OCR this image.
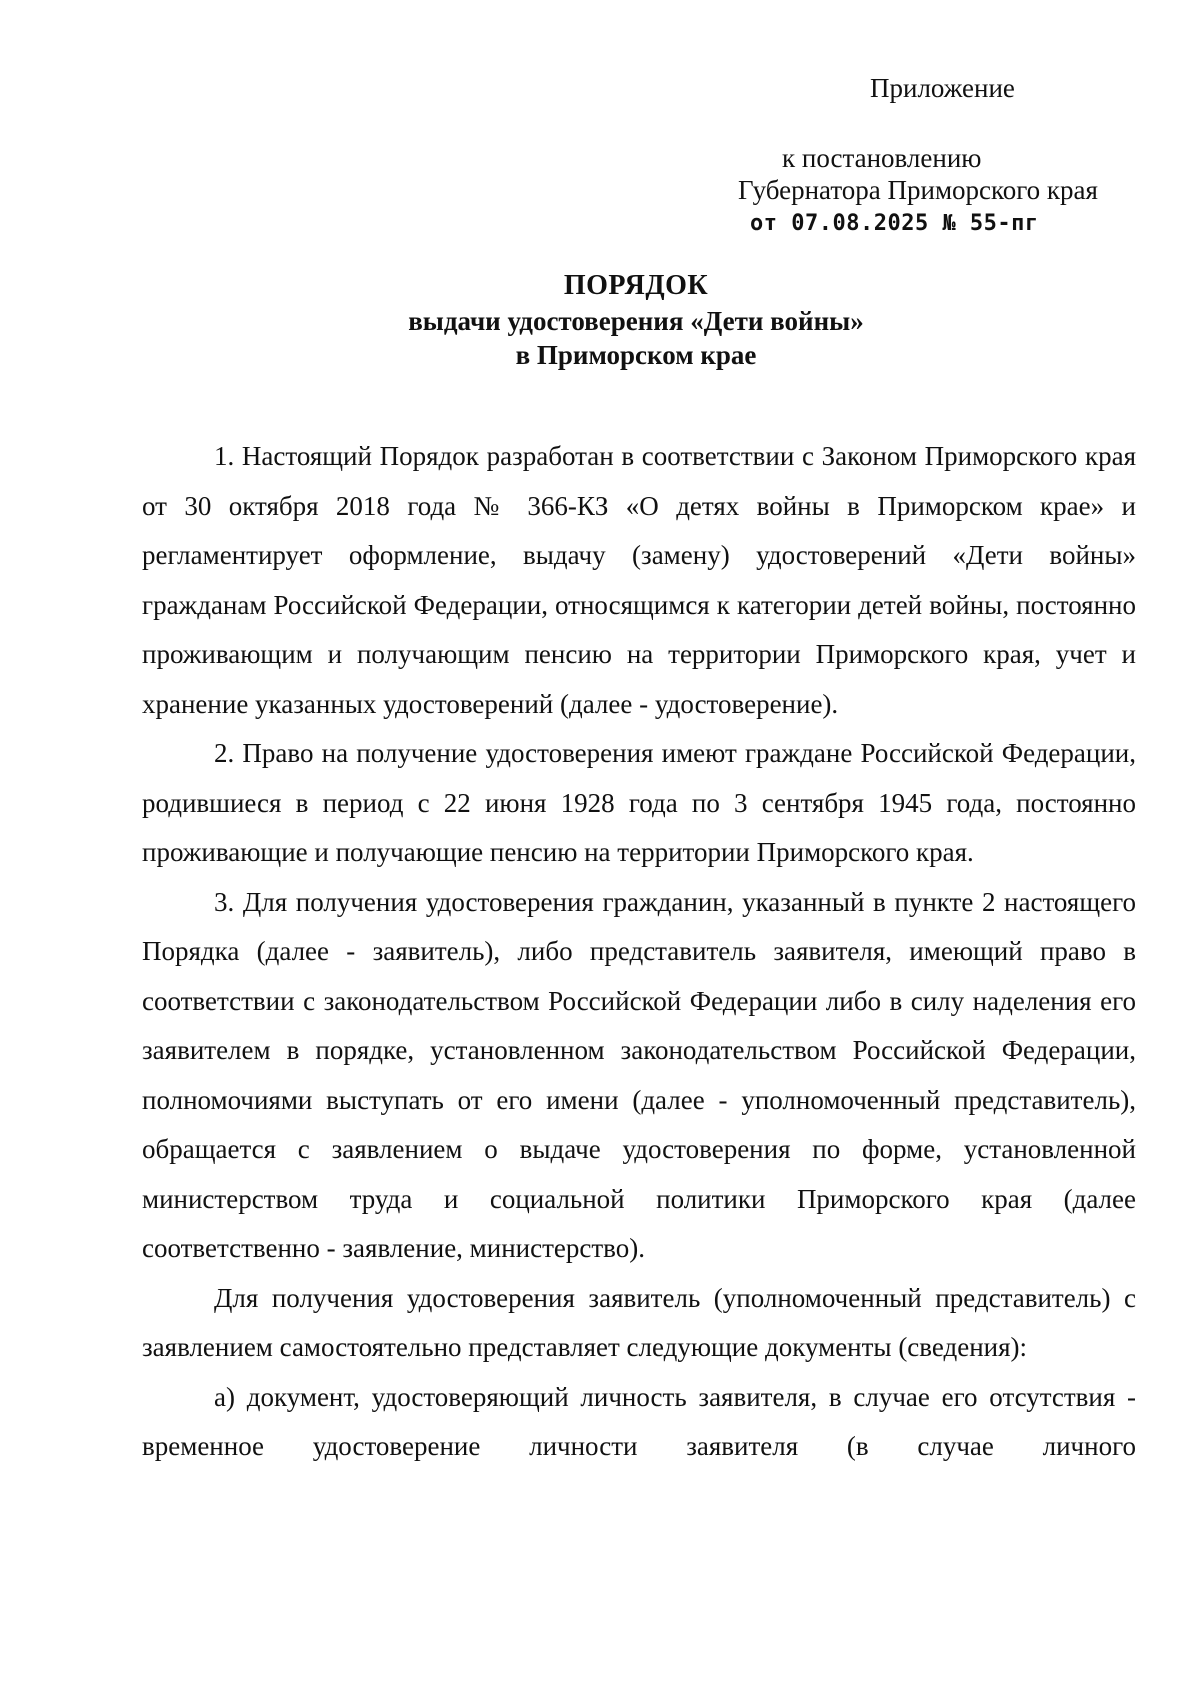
Приложение
к постановлению
Губернатора Приморского края
от 07.08.2025 № 55-пг
ПОРЯДОК
выдачи удостоверения «Дети войны»
в Приморском крае

1. Настоящий Порядок разработан в соответствии с Законом Приморского края от 30 октября 2018 года № 366-КЗ «О детях войны в Приморском крае» и регламентирует оформление, выдачу (замену) удостоверений «Дети войны» гражданам Российской Федерации, относящимся к категории детей войны, постоянно проживающим и получающим пенсию на территории Приморского края, учет и хранение указанных удостоверений (далее - удостоверение).

2. Право на получение удостоверения имеют граждане Российской Федерации, родившиеся в период с 22 июня 1928 года по 3 сентября 1945 года, постоянно проживающие и получающие пенсию на территории Приморского края.

3. Для получения удостоверения гражданин, указанный в пункте 2 настоящего Порядка (далее - заявитель), либо представитель заявителя, имеющий право в соответствии с законодательством Российской Федерации либо в силу наделения его заявителем в порядке, установленном законодательством Российской Федерации, полномочиями выступать от его имени (далее - уполномоченный представитель), обращается с заявлением о выдаче удостоверения по форме, установленной министерством труда и социальной политики Приморского края (далее соответственно - заявление, министерство).

Для получения удостоверения заявитель (уполномоченный представитель) с заявлением самостоятельно представляет следующие документы (сведения):

а) документ, удостоверяющий личность заявителя, в случае его отсутствия - временное удостоверение личности заявителя (в случае личного
